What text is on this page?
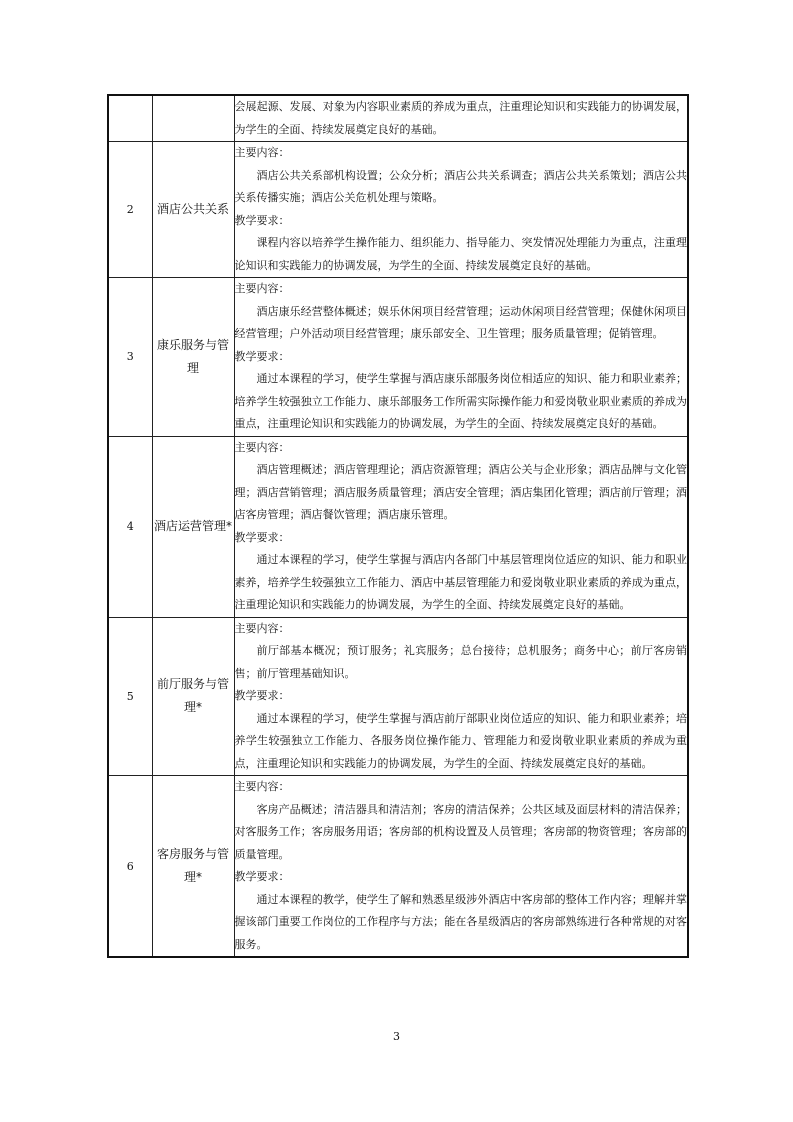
		会展起源、发展、对象为内容职业素质的养成为重点，注重理论知识和实践能力的协调发展，为学生的全面、持续发展奠定良好的基础。

2	酒店公共关系	主要内容：
酒店公共关系部机构设置；公众分析；酒店公共关系调查；酒店公共关系策划；酒店公共关系传播实施；酒店公关危机处理与策略。
教学要求：
课程内容以培养学生操作能力、组织能力、指导能力、突发情况处理能力为重点，注重理论知识和实践能力的协调发展，为学生的全面、持续发展奠定良好的基础。

3	康乐服务与管理	主要内容：
酒店康乐经营整体概述；娱乐休闲项目经营管理；运动休闲项目经营管理；保健休闲项目经营管理；户外活动项目经营管理；康乐部安全、卫生管理；服务质量管理；促销管理。
教学要求：
通过本课程的学习，使学生掌握与酒店康乐部服务岗位相适应的知识、能力和职业素养；培养学生较强独立工作能力、康乐部服务工作所需实际操作能力和爱岗敬业职业素质的养成为重点，注重理论知识和实践能力的协调发展，为学生的全面、持续发展奠定良好的基础。

4	酒店运营管理*	主要内容：
酒店管理概述；酒店管理理论；酒店资源管理；酒店公关与企业形象；酒店品牌与文化管理；酒店营销管理；酒店服务质量管理；酒店安全管理；酒店集团化管理；酒店前厅管理；酒店客房管理；酒店餐饮管理；酒店康乐管理。
教学要求：
通过本课程的学习，使学生掌握与酒店内各部门中基层管理岗位适应的知识、能力和职业素养，培养学生较强独立工作能力、酒店中基层管理能力和爱岗敬业职业素质的养成为重点，注重理论知识和实践能力的协调发展，为学生的全面、持续发展奠定良好的基础。

5	前厅服务与管理*	主要内容：
前厅部基本概况；预订服务；礼宾服务；总台接待；总机服务；商务中心；前厅客房销售；前厅管理基础知识。
教学要求：
通过本课程的学习，使学生掌握与酒店前厅部职业岗位适应的知识、能力和职业素养；培养学生较强独立工作能力、各服务岗位操作能力、管理能力和爱岗敬业职业素质的养成为重点，注重理论知识和实践能力的协调发展，为学生的全面、持续发展奠定良好的基础。

6	客房服务与管理*	主要内容：
客房产品概述；清洁器具和清洁剂；客房的清洁保养；公共区域及面层材料的清洁保养；对客服务工作；客房服务用语；客房部的机构设置及人员管理；客房部的物资管理；客房部的质量管理。
教学要求：
通过本课程的教学，使学生了解和熟悉星级涉外酒店中客房部的整体工作内容；理解并掌握该部门重要工作岗位的工作程序与方法；能在各星级酒店的客房部熟练进行各种常规的对客服务。
3
